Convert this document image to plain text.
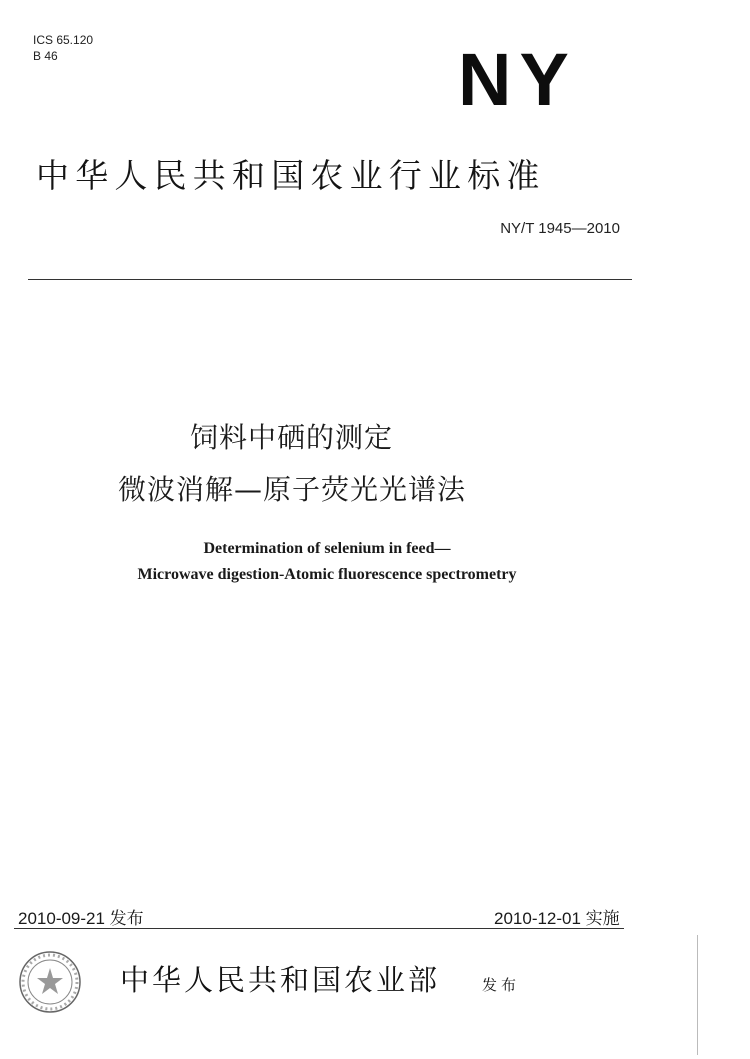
ICS 65.120
B 46	NY
中华人民共和国农业行业标准
NY/T 1945—2010
饲料中硒的测定
微波消解—原子荧光光谱法
Determination of selenium in feed—
Microwave digestion-Atomic fluorescence spectrometry
2010-09-21 发布	2010-12-01 实施
中华人民共和国农业部	发布
